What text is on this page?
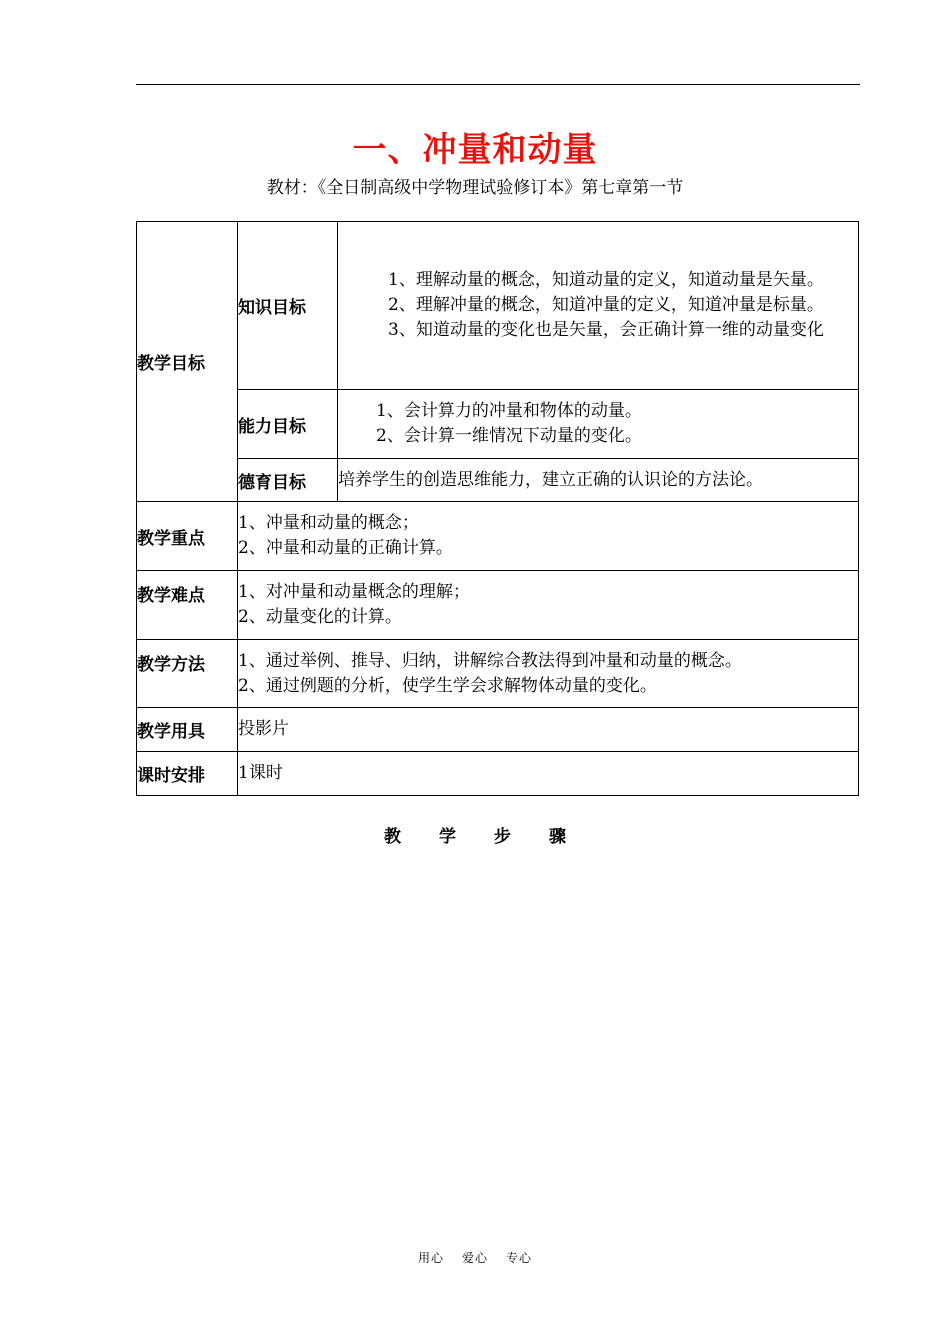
一、冲量和动量
教材：《全日制高级中学物理试验修订本》第七章第一节
教学目标	知识目标	1、理解动量的概念，知道动量的定义，知道动量是矢量。
2、理解冲量的概念，知道冲量的定义，知道冲量是标量。
3、知道动量的变化也是矢量，会正确计算一维的动量变化

	能力目标	1、会计算力的冲量和物体的动量。
2、会计算一维情况下动量的变化。

	德育目标	培养学生的创造思维能力，建立正确的认识论的方法论。
教学重点	1、冲量和动量的概念；
2、冲量和动量的正确计算。	

教学难点	1、对冲量和动量概念的理解；
2、动量变化的计算。	

教学方法	1、通过举例、推导、归纳，讲解综合教法得到冲量和动量的概念。
2、通过例题的分析，使学生学会求解物体动量的变化。	

教学用具	投影片	
课时安排	1课时	
教 学 步 骤
用心 爱心 专心
